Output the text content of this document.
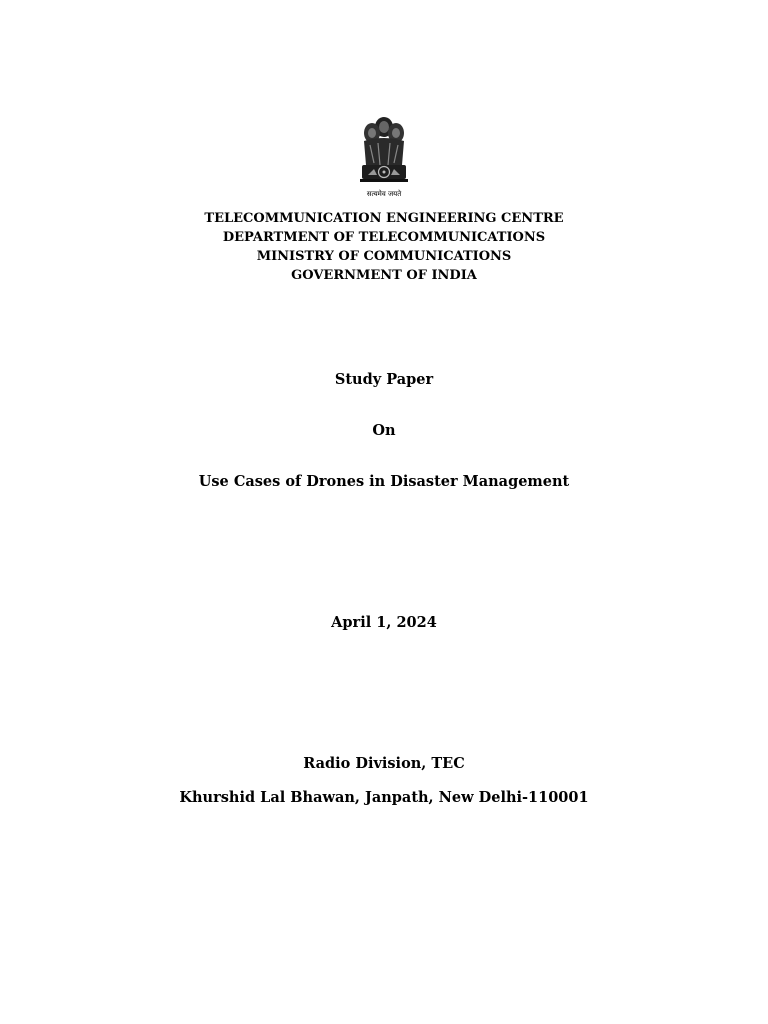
सत्यमेव जयते
TELECOMMUNICATION ENGINEERING CENTRE
DEPARTMENT OF TELECOMMUNICATIONS
MINISTRY OF COMMUNICATIONS
GOVERNMENT OF INDIA
Study Paper
On
Use Cases of Drones in Disaster Management
April 1, 2024
Radio Division, TEC
Khurshid Lal Bhawan, Janpath, New Delhi-110001
